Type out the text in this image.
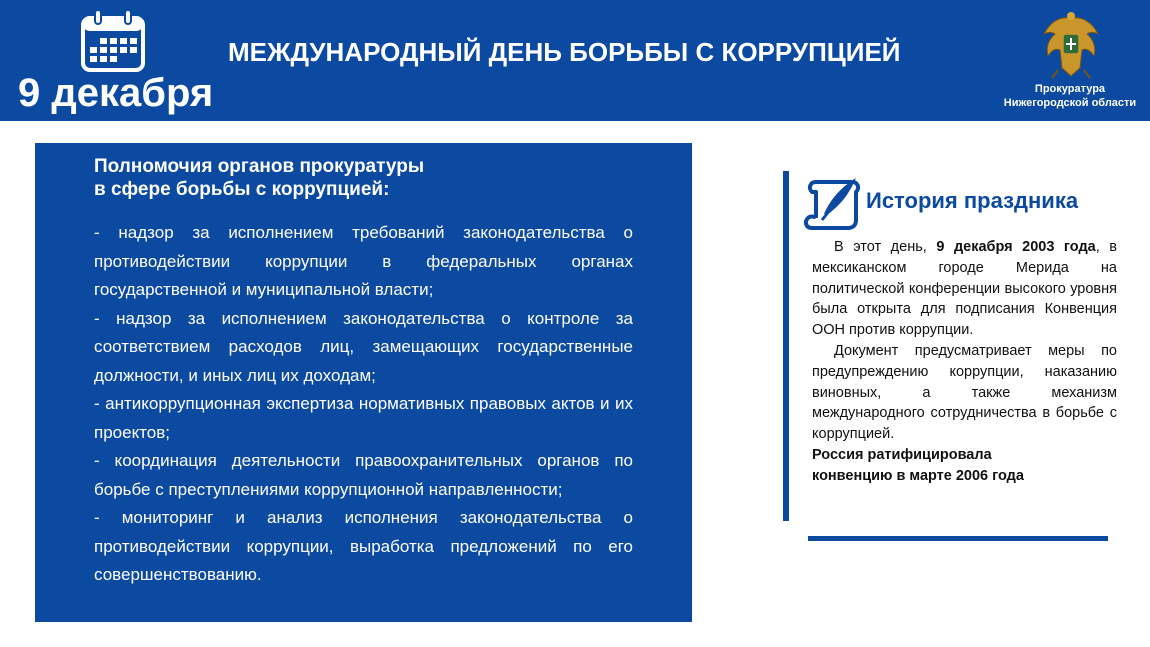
9 декабря
МЕЖДУНАРОДНЫЙ ДЕНЬ БОРЬБЫ С КОРРУПЦИЕЙ
Прокуратура
Нижегородской области
Полномочия органов прокуратуры
в сфере борьбы с коррупцией:
- надзор за исполнением требований законодательства о противодействии коррупции в федеральных органах государственной и муниципальной власти;
- надзор за исполнением законодательства о контроле за соответствием расходов лиц, замещающих государственные должности, и иных лиц их доходам;
- антикоррупционная экспертиза нормативных правовых актов и их проектов;
- координация деятельности правоохранительных органов по борьбе с преступлениями коррупционной направленности;
- мониторинг и анализ исполнения законодательства о противодействии коррупции, выработка предложений по его совершенствованию.
История праздника

В этот день, 9 декабря 2003 года, в мексиканском городе Мерида на политической конференции высокого уровня была открыта для подписания Конвенция ООН против коррупции.

Документ предусматривает меры по предупреждению коррупции, наказанию виновных, а также механизм международного сотрудничества в борьбе с коррупцией.

Россия ратифицировала
конвенцию в марте 2006 года
